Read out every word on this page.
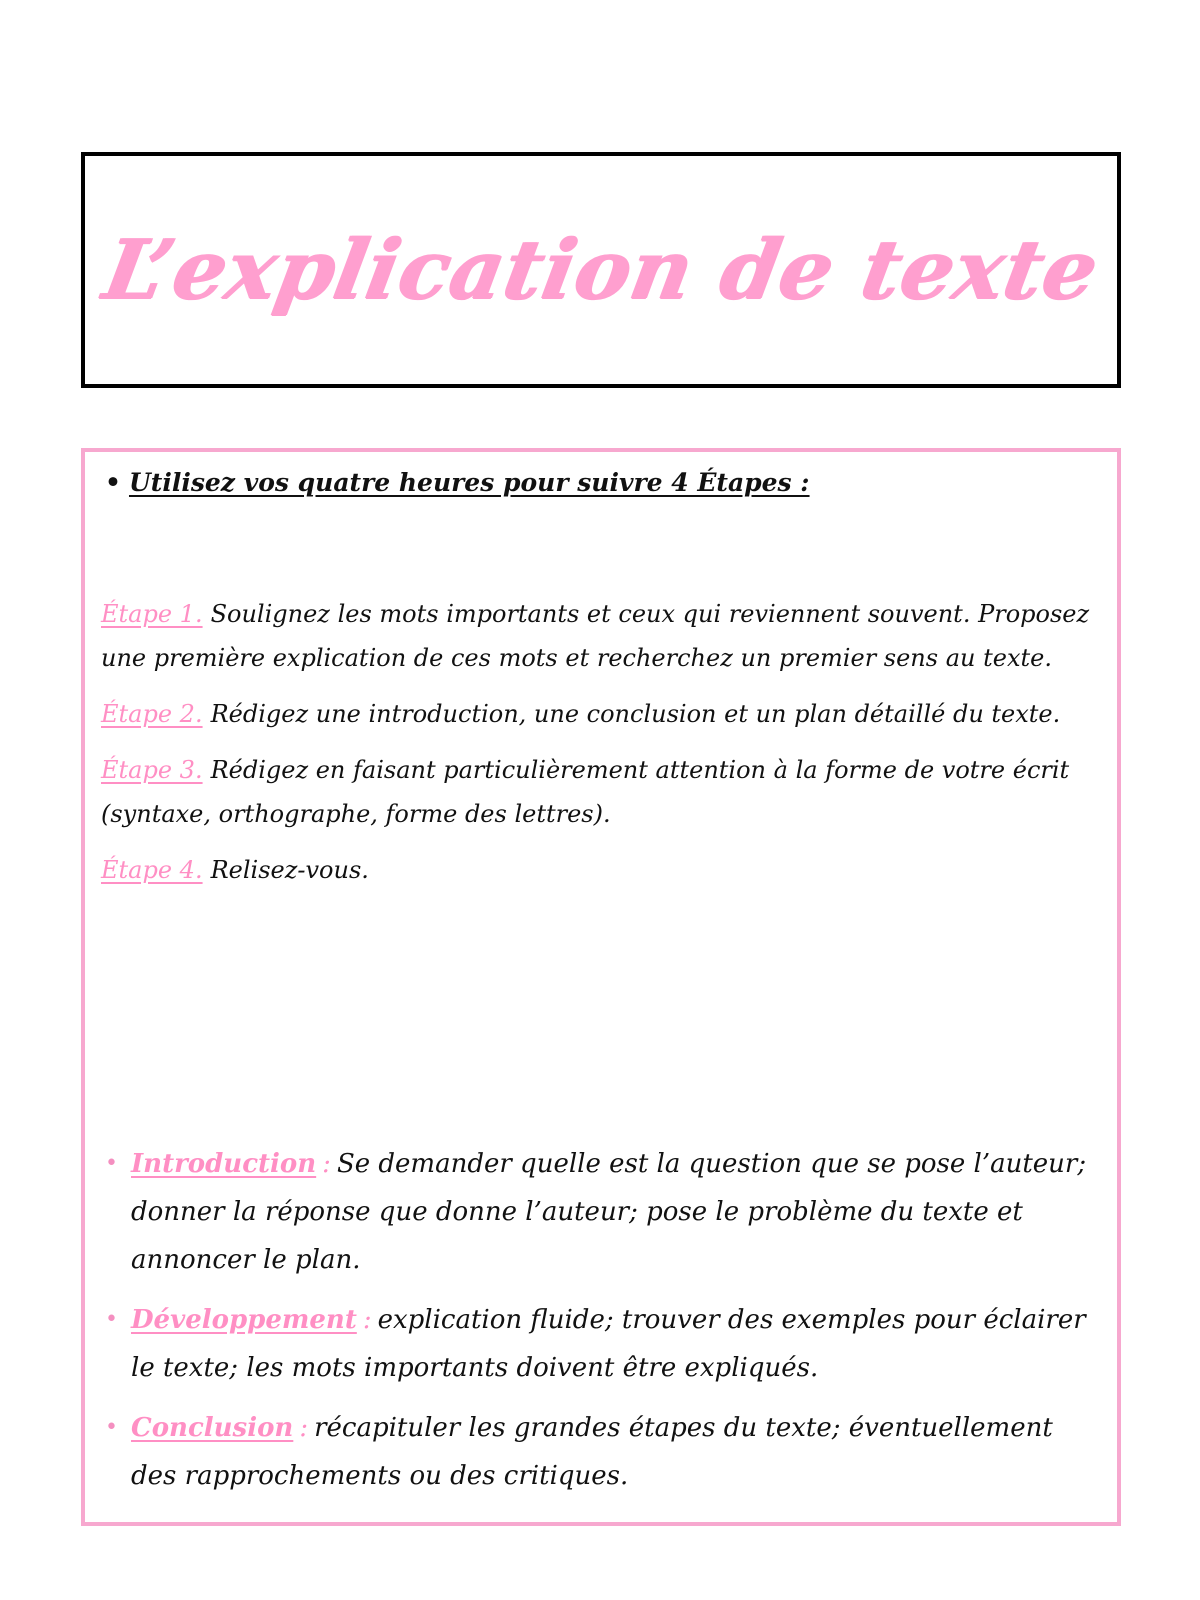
L’explication de texte
• Utilisez vos quatre heures pour suivre 4 Étapes :
Étape 1. Soulignez les mots importants et ceux qui reviennent souvent. Proposez une première explication de ces mots et recherchez un premier sens au texte.
Étape 2. Rédigez une introduction, une conclusion et un plan détaillé du texte.
Étape 3. Rédigez en faisant particulièrement attention à la forme de votre écrit (syntaxe, orthographe, forme des lettres).
Étape 4. Relisez-vous.
• Introduction : Se demander quelle est la question que se pose l’auteur; donner la réponse que donne l’auteur; pose le problème du texte et annoncer le plan.
• Développement : explication fluide; trouver des exemples pour éclairer le texte; les mots importants doivent être expliqués.
• Conclusion : récapituler les grandes étapes du texte; éventuellement des rapprochements ou des critiques.
